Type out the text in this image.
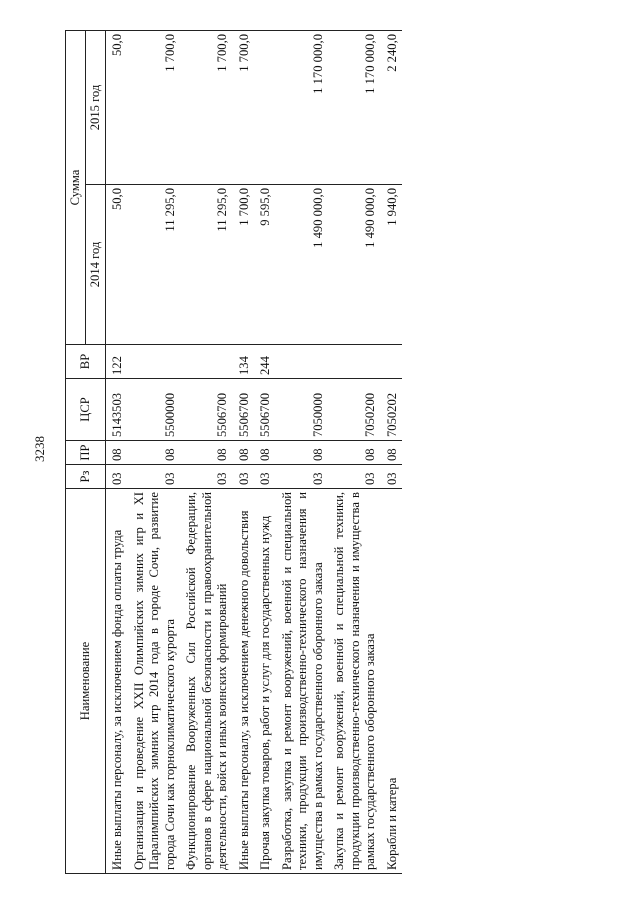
3238
Наименование	Рз	ПР	ЦСР	ВР	Сумма	
					2014 год	2015 год
Иные выплаты персоналу, за исключением фонда оплаты труда	03	08	5143503	122	50,0	50,0
Организация и проведение XXII Олимпийских зимних игр и XI Паралимпийских зимних игр 2014 года в городе Сочи, развитие города Сочи как горноклиматического курорта	03	08	5500000		11 295,0	1 700,0
Функционирование Вооруженных Сил Российской Федерации, органов в сфере национальной безопасности и правоохранительной деятельности, войск и иных воинских формирований	03	08	5506700		11 295,0	1 700,0
Иные выплаты персоналу, за исключением денежного довольствия	03	08	5506700	134	1 700,0	1 700,0
Прочая закупка товаров, работ и услуг для государственных нужд	03	08	5506700	244	9 595,0	
Разработка, закупка и ремонт вооружений, военной и специальной техники, продукции производственно-технического назначения и имущества в рамках государственного оборонного заказа	03	08	7050000		1 490 000,0	1 170 000,0
Закупка и ремонт вооружений, военной и специальной техники, продукции производственно-технического назначения и имущества в рамках государственного оборонного заказа	03	08	7050200		1 490 000,0	1 170 000,0
Корабли и катера	03	08	7050202		1 940,0	2 240,0
